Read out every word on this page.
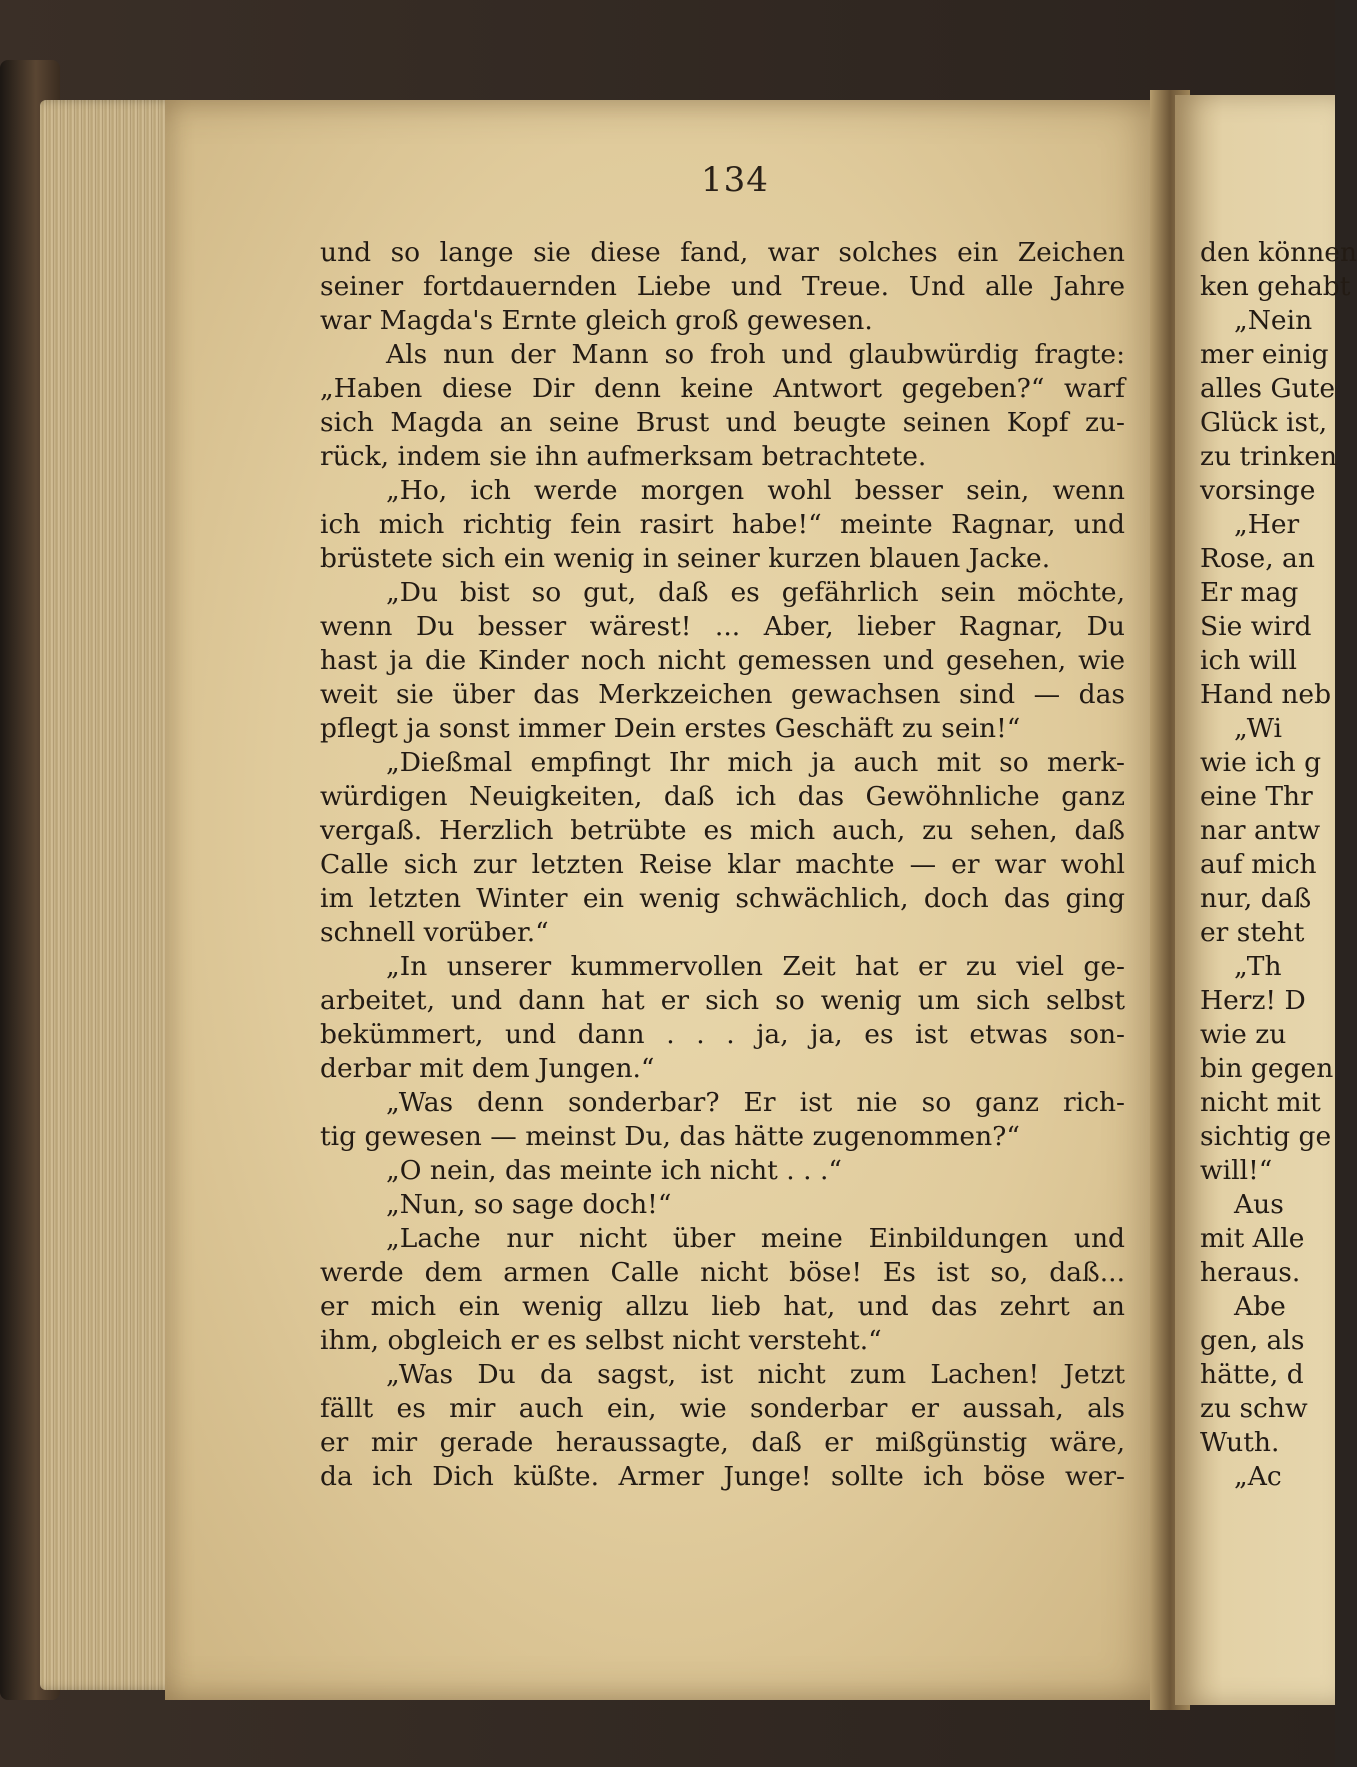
134
und so lange sie diese fand, war solches ein Zeichen
seiner fortdauernden Liebe und Treue. Und alle Jahre
war Magda's Ernte gleich groß gewesen.
Als nun der Mann so froh und glaubwürdig fragte:
„Haben diese Dir denn keine Antwort gegeben?“ warf
sich Magda an seine Brust und beugte seinen Kopf zu-
rück, indem sie ihn aufmerksam betrachtete.
„Ho, ich werde morgen wohl besser sein, wenn
ich mich richtig fein rasirt habe!“ meinte Ragnar, und
brüstete sich ein wenig in seiner kurzen blauen Jacke.
„Du bist so gut, daß es gefährlich sein möchte,
wenn Du besser wärest! ... Aber, lieber Ragnar, Du
hast ja die Kinder noch nicht gemessen und gesehen, wie
weit sie über das Merkzeichen gewachsen sind — das
pflegt ja sonst immer Dein erstes Geschäft zu sein!“
„Dießmal empfingt Ihr mich ja auch mit so merk-
würdigen Neuigkeiten, daß ich das Gewöhnliche ganz
vergaß. Herzlich betrübte es mich auch, zu sehen, daß
Calle sich zur letzten Reise klar machte — er war wohl
im letzten Winter ein wenig schwächlich, doch das ging
schnell vorüber.“
„In unserer kummervollen Zeit hat er zu viel ge-
arbeitet, und dann hat er sich so wenig um sich selbst
bekümmert, und dann . . . ja, ja, es ist etwas son-
derbar mit dem Jungen.“
„Was denn sonderbar? Er ist nie so ganz rich-
tig gewesen — meinst Du, das hätte zugenommen?“
„O nein, das meinte ich nicht . . .“
„Nun, so sage doch!“
„Lache nur nicht über meine Einbildungen und
werde dem armen Calle nicht böse! Es ist so, daß...
er mich ein wenig allzu lieb hat, und das zehrt an
ihm, obgleich er es selbst nicht versteht.“
„Was Du da sagst, ist nicht zum Lachen! Jetzt
fällt es mir auch ein, wie sonderbar er aussah, als
er mir gerade heraussagte, daß er mißgünstig wäre,
da ich Dich küßte. Armer Junge! sollte ich böse wer-
den können
ken gehabt
„Nein
mer einig
alles Gute
Glück ist,
zu trinken
vorsinge
„Her
Rose, an
Er mag
Sie wird
ich will
Hand neb
„Wi
wie ich g
eine Thr
nar antw
auf mich
nur, daß
er steht
„Th
Herz! D
wie zu
bin gegen
nicht mit
sichtig ge
will!“
Aus
mit Alle
heraus.
Abe
gen, als
hätte, d
zu schw
Wuth.
„Ac
